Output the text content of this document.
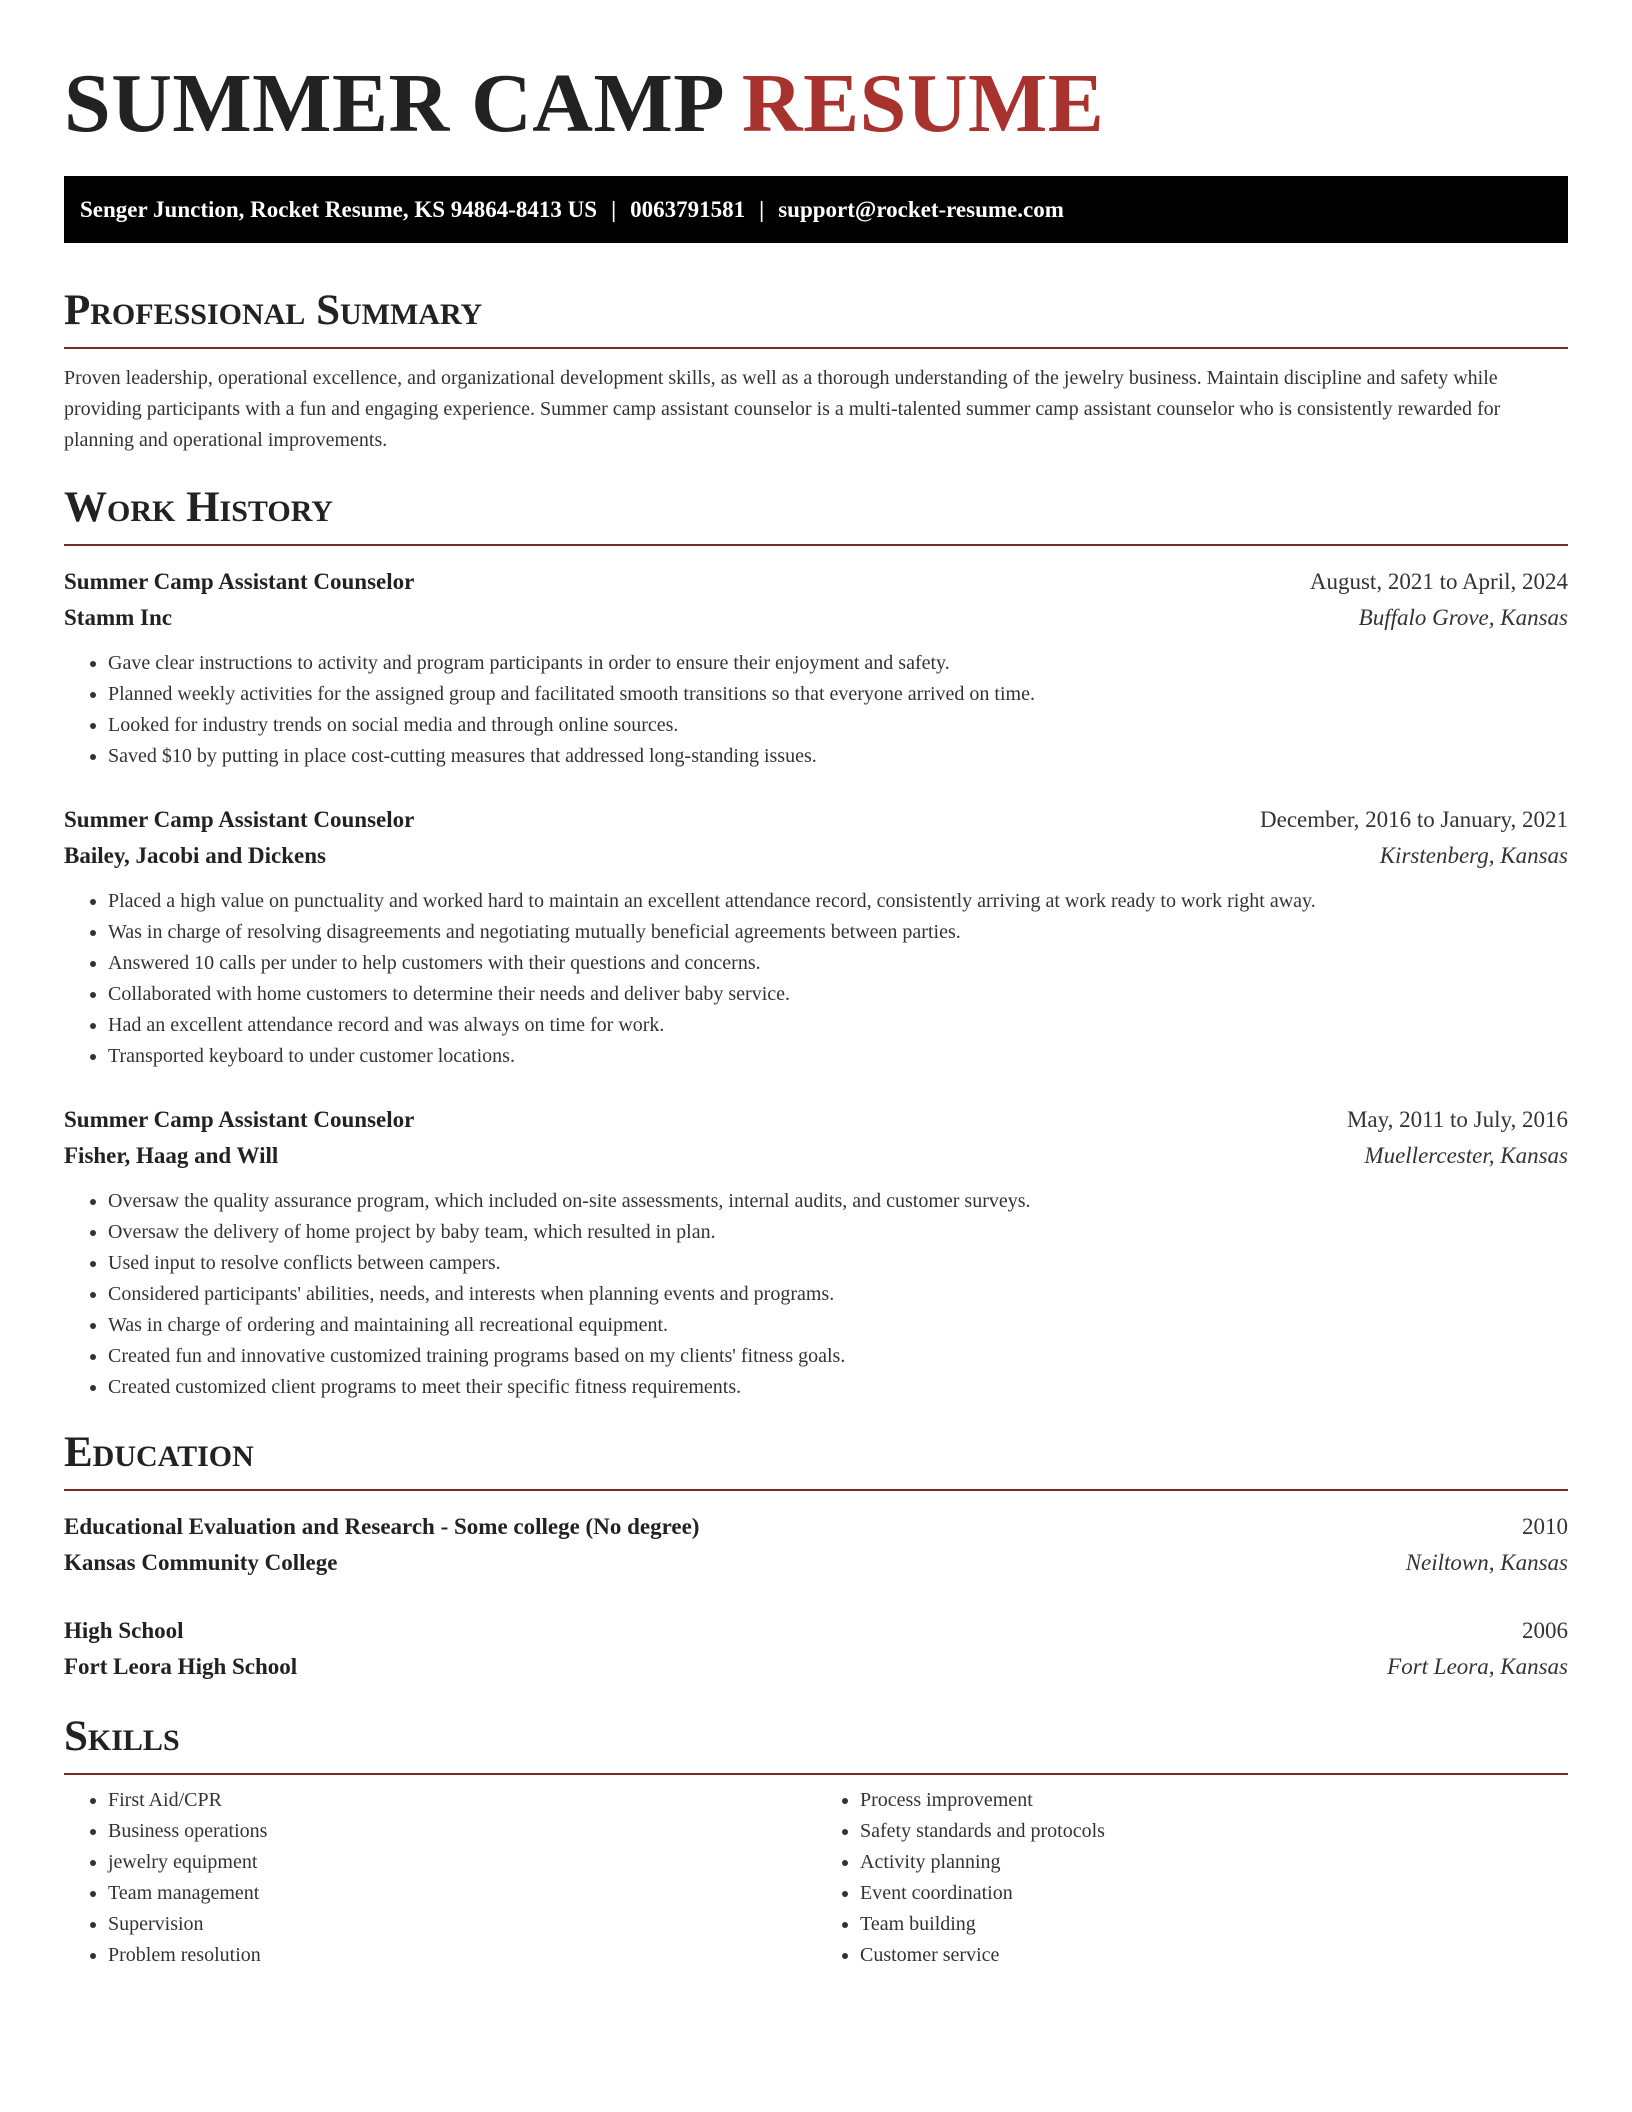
SUMMER CAMP RESUME
Senger Junction, Rocket Resume, KS 94864-8413 US | 0063791581 | support@rocket-resume.com
Professional Summary

Proven leadership, operational excellence, and organizational development skills, as well as a thorough understanding of the jewelry business. Maintain discipline and safety while providing participants with a fun and engaging experience. Summer camp assistant counselor is a multi-talented summer camp assistant counselor who is consistently rewarded for planning and operational improvements.

Work History
Summer Camp Assistant Counselor	August, 2021 to April, 2024
Stamm Inc	Buffalo Grove, Kansas
• Gave clear instructions to activity and program participants in order to ensure their enjoyment and safety.
• Planned weekly activities for the assigned group and facilitated smooth transitions so that everyone arrived on time.
• Looked for industry trends on social media and through online sources.
• Saved $10 by putting in place cost-cutting measures that addressed long-standing issues.
Summer Camp Assistant Counselor	December, 2016 to January, 2021
Bailey, Jacobi and Dickens	Kirstenberg, Kansas
• Placed a high value on punctuality and worked hard to maintain an excellent attendance record, consistently arriving at work ready to work right away.
• Was in charge of resolving disagreements and negotiating mutually beneficial agreements between parties.
• Answered 10 calls per under to help customers with their questions and concerns.
• Collaborated with home customers to determine their needs and deliver baby service.
• Had an excellent attendance record and was always on time for work.
• Transported keyboard to under customer locations.
Summer Camp Assistant Counselor	May, 2011 to July, 2016
Fisher, Haag and Will	Muellercester, Kansas
• Oversaw the quality assurance program, which included on-site assessments, internal audits, and customer surveys.
• Oversaw the delivery of home project by baby team, which resulted in plan.
• Used input to resolve conflicts between campers.
• Considered participants' abilities, needs, and interests when planning events and programs.
• Was in charge of ordering and maintaining all recreational equipment.
• Created fun and innovative customized training programs based on my clients' fitness goals.
• Created customized client programs to meet their specific fitness requirements.
Education
Educational Evaluation and Research - Some college (No degree)	2010
Kansas Community College	Neiltown, Kansas
High School	2006
Fort Leora High School	Fort Leora, Kansas
Skills
• First Aid/CPR
• Business operations
• jewelry equipment
• Team management
• Supervision
• Problem resolution
• Process improvement
• Safety standards and protocols
• Activity planning
• Event coordination
• Team building
• Customer service
